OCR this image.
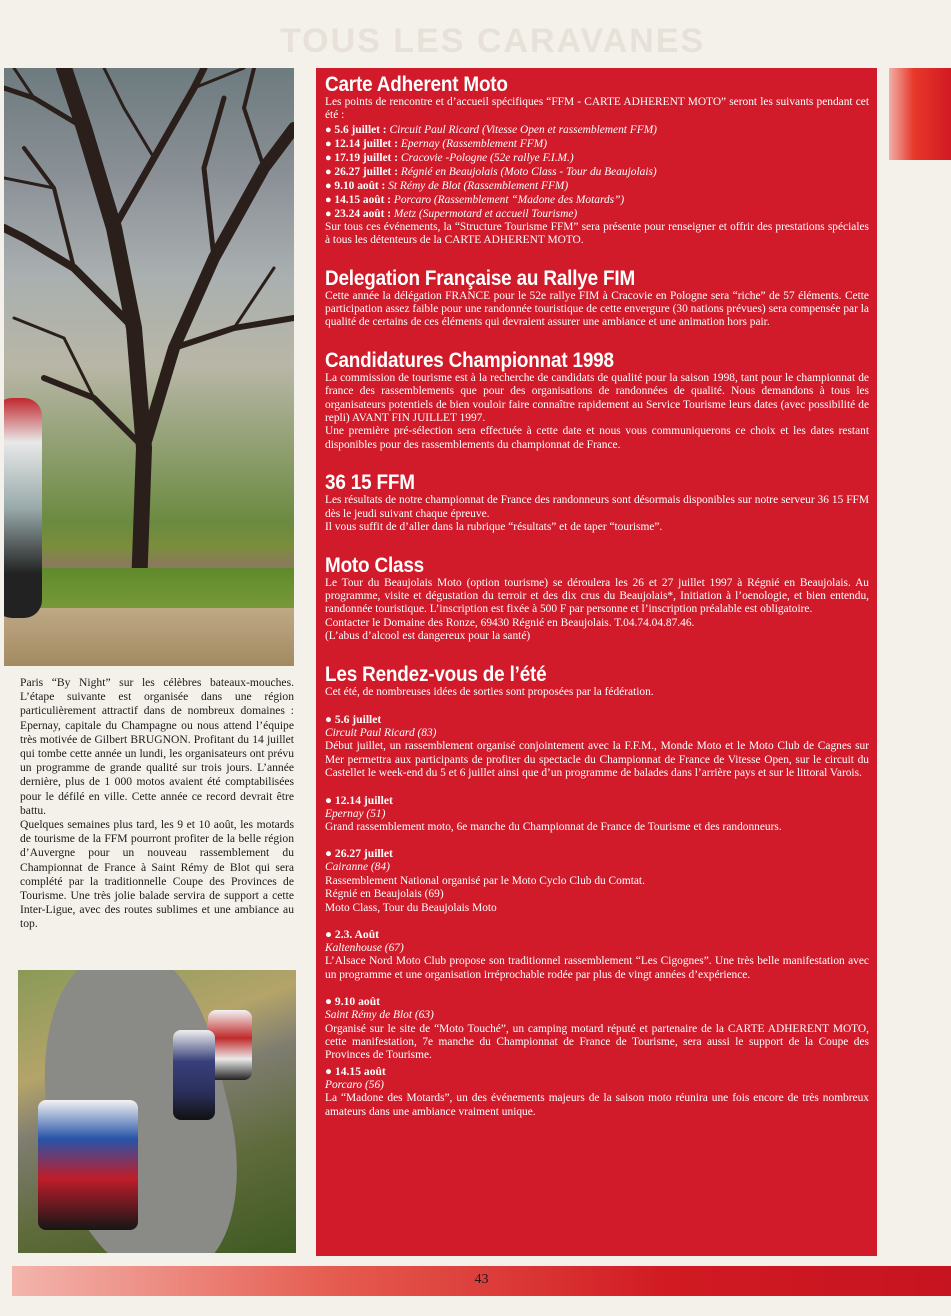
TOUS LES CARAVANES

Paris “By Night” sur les célèbres bateaux-mouches. L’étape suivante est organisée dans une région particulièrement attractif dans de nombreux domaines : Epernay, capitale du Champagne ou nous attend l’équipe très motivée de Gilbert BRUGNON. Profitant du 14 juillet qui tombe cette année un lundi, les organisateurs ont prévu un programme de grande qualité sur trois jours. L’année dernière, plus de 1 000 motos avaient été comptabilisées pour le défilé en ville. Cette année ce record devrait être battu.

Quelques semaines plus tard, les 9 et 10 août, les motards de tourisme de la FFM pourront profiter de la belle région d’Auvergne pour un nouveau rassemblement du Championnat de France à Saint Rémy de Blot qui sera complété par la traditionnelle Coupe des Provinces de Tourisme. Une très jolie balade servira de support a cette Inter-Ligue, avec des routes sublimes et une ambiance au top.

Carte Adherent Moto

Les points de rencontre et d’accueil spécifiques “FFM - CARTE ADHERENT MOTO” seront les suivants pendant cet été :

● 5.6 juillet : Circuit Paul Ricard (Vitesse Open et rassemblement FFM)
● 12.14 juillet : Epernay (Rassemblement FFM)
● 17.19 juillet : Cracovie -Pologne (52e rallye F.I.M.)
● 26.27 juillet : Régnié en Beaujolais (Moto Class - Tour du Beaujolais)
● 9.10 août : St Rémy de Blot (Rassemblement FFM)
● 14.15 août : Porcaro (Rassemblement “Madone des Motards”)
● 23.24 août : Metz (Supermotard et accueil Tourisme)

Sur tous ces événements, la “Structure Tourisme FFM” sera présente pour renseigner et offrir des prestations spéciales à tous les détenteurs de la CARTE ADHERENT MOTO.

Delegation Française au Rallye FIM

Cette année la délégation FRANCE pour le 52e rallye FIM à Cracovie en Pologne sera “riche” de 57 éléments. Cette participation assez faible pour une randonnée touristique de cette envergure (30 nations prévues) sera compensée par la qualité de certains de ces éléments qui devraient assurer une ambiance et une animation hors pair.

Candidatures Championnat 1998

La commission de tourisme est à la recherche de candidats de qualité pour la saison 1998, tant pour le championnat de france des rassemblements que pour des organisations de randonnées de qualité. Nous demandons à tous les organisateurs potentiels de bien vouloir faire connaître rapidement au Service Tourisme leurs dates (avec possibilité de repli) AVANT FIN JUILLET 1997.

Une première pré-sélection sera effectuée à cette date et nous vous communiquerons ce choix et les dates restant disponibles pour des rassemblements du championnat de France.

36 15 FFM

Les résultats de notre championnat de France des randonneurs sont désormais disponibles sur notre serveur 36 15 FFM dès le jeudi suivant chaque épreuve.

Il vous suffit de d’aller dans la rubrique “résultats” et de taper “tourisme”.

Moto Class

Le Tour du Beaujolais Moto (option tourisme) se déroulera les 26 et 27 juillet 1997 à Régnié en Beaujolais. Au programme, visite et dégustation du terroir et des dix crus du Beaujolais*, Initiation à l’oenologie, et bien entendu, randonnée touristique. L’inscription est fixée à 500 F par personne et l’inscription préalable est obligatoire.

Contacter le Domaine des Ronze, 69430 Régnié en Beaujolais. T.04.74.04.87.46.

(L’abus d’alcool est dangereux pour la santé)

Les Rendez-vous de l’été

Cet été, de nombreuses idées de sorties sont proposées par la fédération.

● 5.6 juillet
Circuit Paul Ricard (83)

Début juillet, un rassemblement organisé conjointement avec la F.F.M., Monde Moto et le Moto Club de Cagnes sur Mer permettra aux participants de profiter du spectacle du Championnat de France de Vitesse Open, sur le circuit du Castellet le week-end du 5 et 6 juillet ainsi que d’un programme de balades dans l’arrière pays et sur le littoral Varois.

● 12.14 juillet
Epernay (51)

Grand rassemblement moto, 6e manche du Championnat de France de Tourisme et des randonneurs.

● 26.27 juillet
Cairanne (84)

Rassemblement National organisé par le Moto Cyclo Club du Comtat.

Régnié en Beaujolais (69)

Moto Class, Tour du Beaujolais Moto

● 2.3. Août
Kaltenhouse (67)

L’Alsace Nord Moto Club propose son traditionnel rassemblement “Les Cigognes”. Une très belle manifestation avec un programme et une organisation irréprochable rodée par plus de vingt années d’expérience.

● 9.10 août
Saint Rémy de Blot (63)

Organisé sur le site de “Moto Touché”, un camping motard réputé et partenaire de la CARTE ADHERENT MOTO, cette manifestation, 7e manche du Championnat de France de Tourisme, sera aussi le support de la Coupe des Provinces de Tourisme.

● 14.15 août
Porcaro (56)

La “Madone des Motards”, un des événements majeurs de la saison moto réunira une fois encore de très nombreux amateurs dans une ambiance vraiment unique.

43
